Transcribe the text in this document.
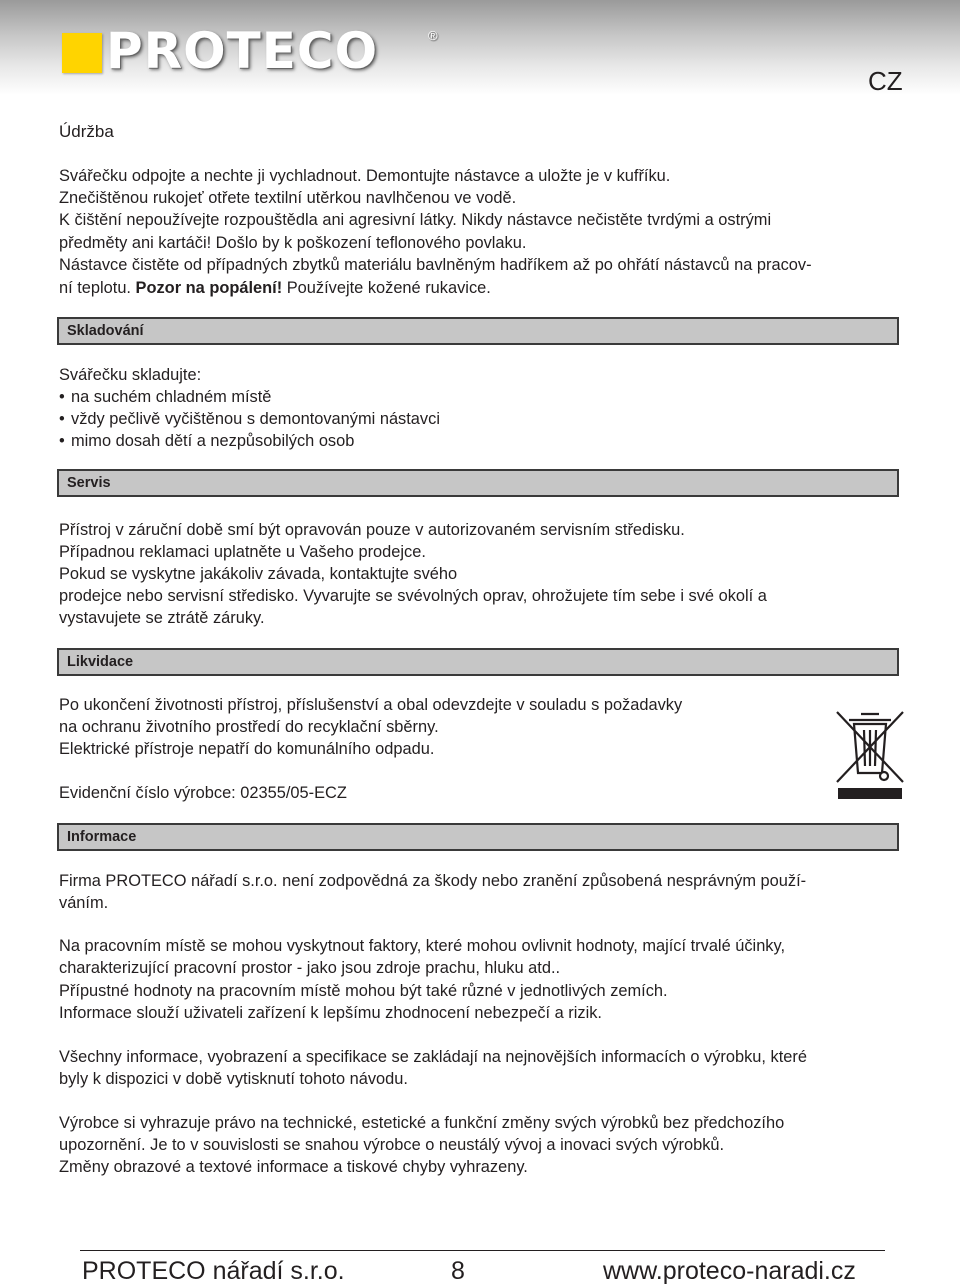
PROTECO	®
CZ
Údržba

Svářečku odpojte a nechte ji vychladnout. Demontujte nástavce a uložte je v kufříku.

Znečištěnou rukojeť otřete textilní utěrkou navlhčenou ve vodě.

K čištění nepoužívejte rozpouštědla ani agresivní látky. Nikdy nástavce nečistěte tvrdými a ostrými

předměty ani kartáči! Došlo by k poškození teflonového povlaku.

Nástavce čistěte od případných zbytků materiálu bavlněným hadříkem až po ohřátí nástavců na pracov-

ní teplotu. Pozor na popálení! Používejte kožené rukavice.

Skladování

Svářečku skladujte:

• na suchém chladném místě
• vždy pečlivě vyčištěnou s demontovanými nástavci
• mimo dosah dětí a nezpůsobilých osob
Servis

Přístroj v záruční době smí být opravován pouze v autorizovaném servisním středisku.

Případnou reklamaci uplatněte u Vašeho prodejce.

Pokud se vyskytne jakákoliv závada, kontaktujte svého

prodejce nebo servisní středisko. Vyvarujte se svévolných oprav, ohrožujete tím sebe i své okolí a

vystavujete se ztrátě záruky.

Likvidace

Po ukončení životnosti přístroj, příslušenství a obal odevzdejte v souladu s požadavky

na ochranu životního prostředí do recyklační sběrny.

Elektrické přístroje nepatří do komunálního odpadu.

Evidenční číslo výrobce: 02355/05-ECZ

Informace

Firma PROTECO nářadí s.r.o. není zodpovědná za škody nebo zranění způsobená nesprávným použí-

váním.

Na pracovním místě se mohou vyskytnout faktory, které mohou ovlivnit hodnoty, mající trvalé účinky,

charakterizující pracovní prostor - jako jsou zdroje prachu, hluku atd..

Přípustné hodnoty na pracovním místě mohou být také různé v jednotlivých zemích.

Informace slouží uživateli zařízení k lepšímu zhodnocení nebezpečí a rizik.

Všechny informace, vyobrazení a specifikace se zakládají na nejnovějších informacích o výrobku, které

byly k dispozici v době vytisknutí tohoto návodu.

Výrobce si vyhrazuje právo na technické, estetické a funkční změny svých výrobků bez předchozího

upozornění. Je to v souvislosti se snahou výrobce o neustálý vývoj a inovaci svých výrobků.

Změny obrazové a textové informace a tiskové chyby vyhrazeny.

PROTECO nářadí s.r.o.	8	www.proteco-naradi.cz
